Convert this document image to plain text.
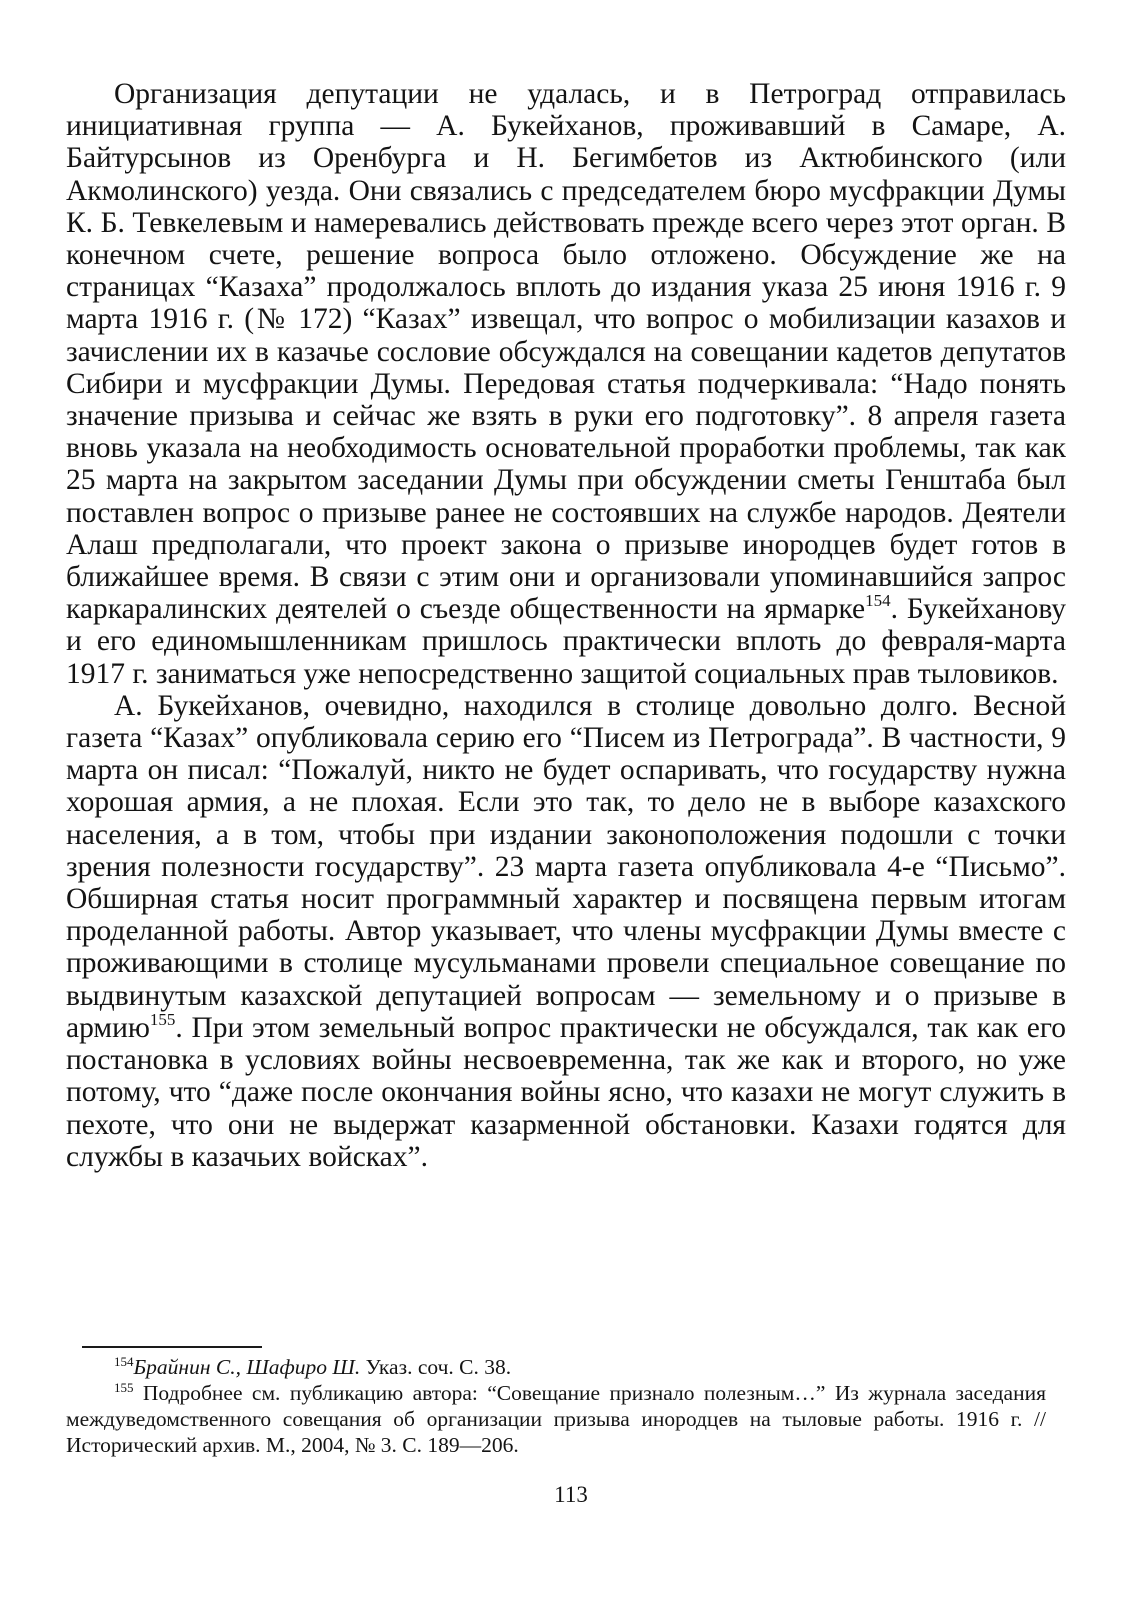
Организация депутации не удалась, и в Петроград отправилась инициативная группа — А. Букейханов, проживавший в Самаре, А. Байтурсынов из Оренбурга и Н. Бегимбетов из Актюбинского (или Акмолинского) уезда. Они связались с председателем бюро мусфракции Думы К. Б. Тевкелевым и намеревались действовать прежде всего через этот орган. В конечном счете, решение вопроса было отложено. Обсуждение же на страницах “Казаха” продолжалось вплоть до издания указа 25 июня 1916 г. 9 марта 1916 г. (№ 172) “Казах” извещал, что вопрос о мобилизации казахов и зачислении их в казачье сословие обсуждался на совещании кадетов депутатов Сибири и мусфракции Думы. Передовая статья подчеркивала: “Надо понять значение призыва и сейчас же взять в руки его подготовку”. 8 апреля газета вновь указала на необходимость основательной проработки проблемы, так как 25 марта на закрытом заседании Думы при обсуждении сметы Генштаба был поставлен вопрос о призыве ранее не состоявших на службе народов. Деятели Алаш предполагали, что проект закона о призыве инородцев будет готов в ближайшее время. В связи с этим они и организовали упоминавшийся запрос каркаралинских деятелей о съезде общественности на ярмарке$^{154}$. Букейханову и его единомышленникам пришлось практически вплоть до февраля-марта 1917 г. заниматься уже непосредственно защитой социальных прав тыловиков.

А. Букейханов, очевидно, находился в столице довольно долго. Весной газета “Казах” опубликовала серию его “Писем из Петрограда”. В частности, 9 марта он писал: “Пожалуй, никто не будет оспаривать, что государству нужна хорошая армия, а не плохая. Если это так, то дело не в выборе казахского населения, а в том, чтобы при издании законоположения подошли с точки зрения полезности государству”. 23 марта газета опубликовала 4-е “Письмо”. Обширная статья носит программный характер и посвящена первым итогам проделанной работы. Автор указывает, что члены мусфракции Думы вместе с проживающими в столице мусульманами провели специальное совещание по выдвинутым казахской депутацией вопросам — земельному и о призыве в армию$^{155}$. При этом земельный вопрос практически не обсуждался, так как его постановка в условиях войны несвоевременна, так же как и второго, но уже потому, что “даже после окончания войны ясно, что казахи не могут служить в пехоте, что они не выдержат казарменной обстановки. Казахи годятся для службы в казачьих войсках”.

$^{154}$Брайнин С., Шафиро Ш. Указ. соч. С. 38.

$^{155}$ Подробнее см. публикацию автора: “Совещание признало полезным…” Из журнала заседания междуведомственного совещания об организации призыва инородцев на тыловые работы. 1916 г. // Исторический архив. М., 2004, № 3. С. 189—206.

113
